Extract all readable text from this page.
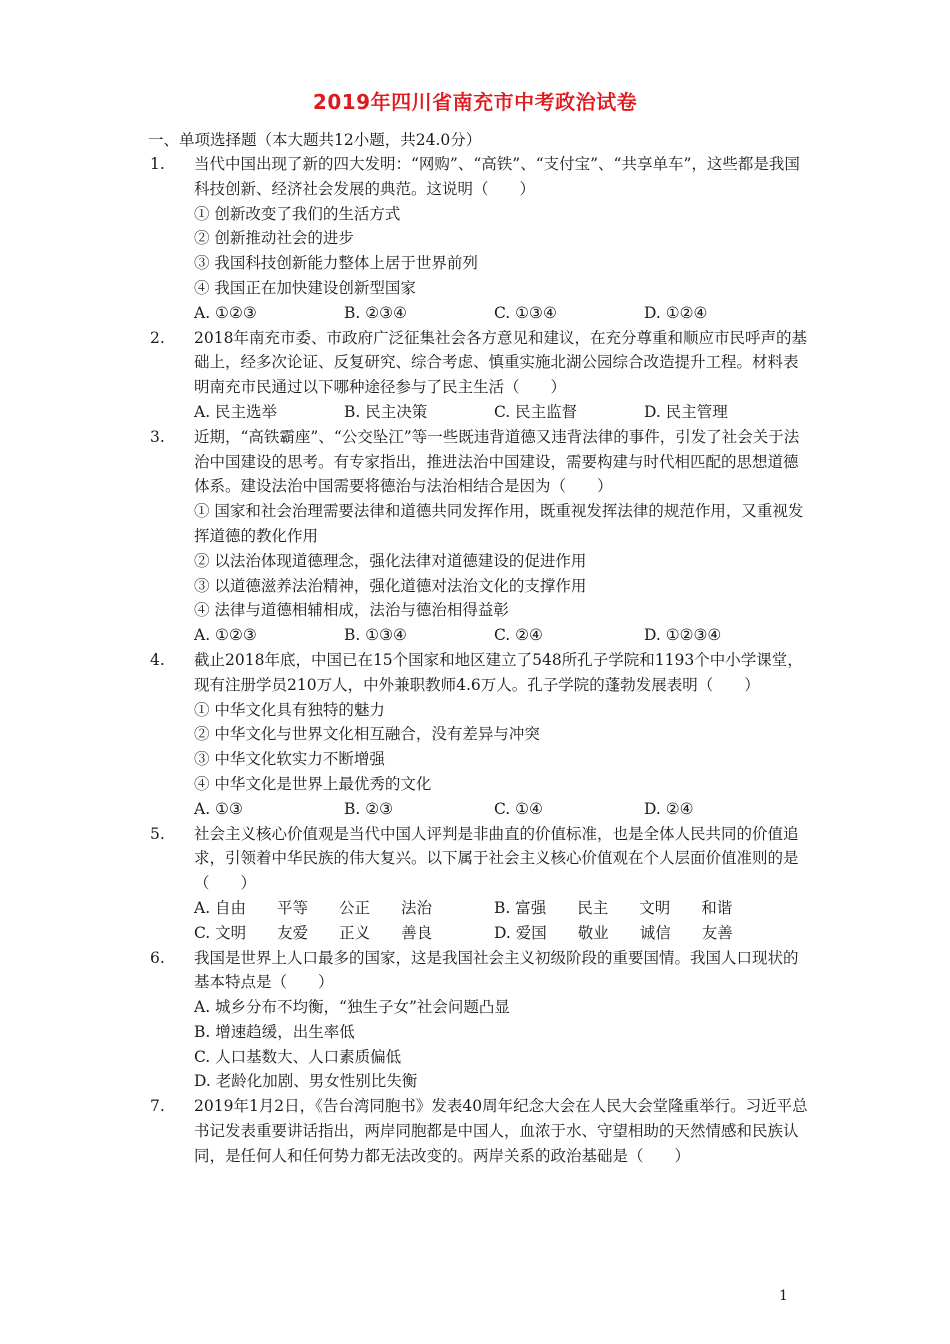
2019年四川省南充市中考政治试卷
一、单项选择题（本大题共12小题，共24.0分）
1.	当代中国出现了新的四大发明：“网购”、“高铁”、“支付宝”、“共享单车”，这些都是我国科技创新、经济社会发展的典范。这说明（　　）
① 创新改变了我们的生活方式
② 创新推动社会的进步
③ 我国科技创新能力整体上居于世界前列
④ 我国正在加快建设创新型国家
A. ①②③	B. ②③④	C. ①③④	D. ①②④
2.	2018年南充市委、市政府广泛征集社会各方意见和建议，在充分尊重和顺应市民呼声的基础上，经多次论证、反复研究、综合考虑、慎重实施北湖公园综合改造提升工程。材料表明南充市民通过以下哪种途径参与了民主生活（　　）
A. 民主选举	B. 民主决策	C. 民主监督	D. 民主管理
3.	近期，“高铁霸座”、“公交坠江”等一些既违背道德又违背法律的事件，引发了社会关于法治中国建设的思考。有专家指出，推进法治中国建设，需要构建与时代相匹配的思想道德体系。建设法治中国需要将德治与法治相结合是因为（　　）
① 国家和社会治理需要法律和道德共同发挥作用，既重视发挥法律的规范作用，又重视发挥道德的教化作用
② 以法治体现道德理念，强化法律对道德建设的促进作用
③ 以道德滋养法治精神，强化道德对法治文化的支撑作用
④ 法律与道德相辅相成，法治与德治相得益彰
A. ①②③	B. ①③④	C. ②④	D. ①②③④
4.	截止2018年底，中国已在15个国家和地区建立了548所孔子学院和1193个中小学课堂，现有注册学员210万人，中外兼职教师4.6万人。孔子学院的蓬勃发展表明（　　）
① 中华文化具有独特的魅力
② 中华文化与世界文化相互融合，没有差异与冲突
③ 中华文化软实力不断增强
④ 中华文化是世界上最优秀的文化
A. ①③	B. ②③	C. ①④	D. ②④
5.	社会主义核心价值观是当代中国人评判是非曲直的价值标准，也是全体人民共同的价值追求，引领着中华民族的伟大复兴。以下属于社会主义核心价值观在个人层面价值准则的是（　　）
A. 自由　　平等　　公正　　法治	B. 富强　　民主　　文明　　和谐
C. 文明　　友爱　　正义　　善良	D. 爱国　　敬业　　诚信　　友善
6.	我国是世界上人口最多的国家，这是我国社会主义初级阶段的重要国情。我国人口现状的基本特点是（　　）
A. 城乡分布不均衡，“独生子女”社会问题凸显
B. 增速趋缓，出生率低
C. 人口基数大、人口素质偏低
D. 老龄化加剧、男女性别比失衡
7.	2019年1月2日，《告台湾同胞书》发表40周年纪念大会在人民大会堂隆重举行。习近平总书记发表重要讲话指出，两岸同胞都是中国人，血浓于水、守望相助的天然情感和民族认同，是任何人和任何势力都无法改变的。两岸关系的政治基础是（　　）
1
